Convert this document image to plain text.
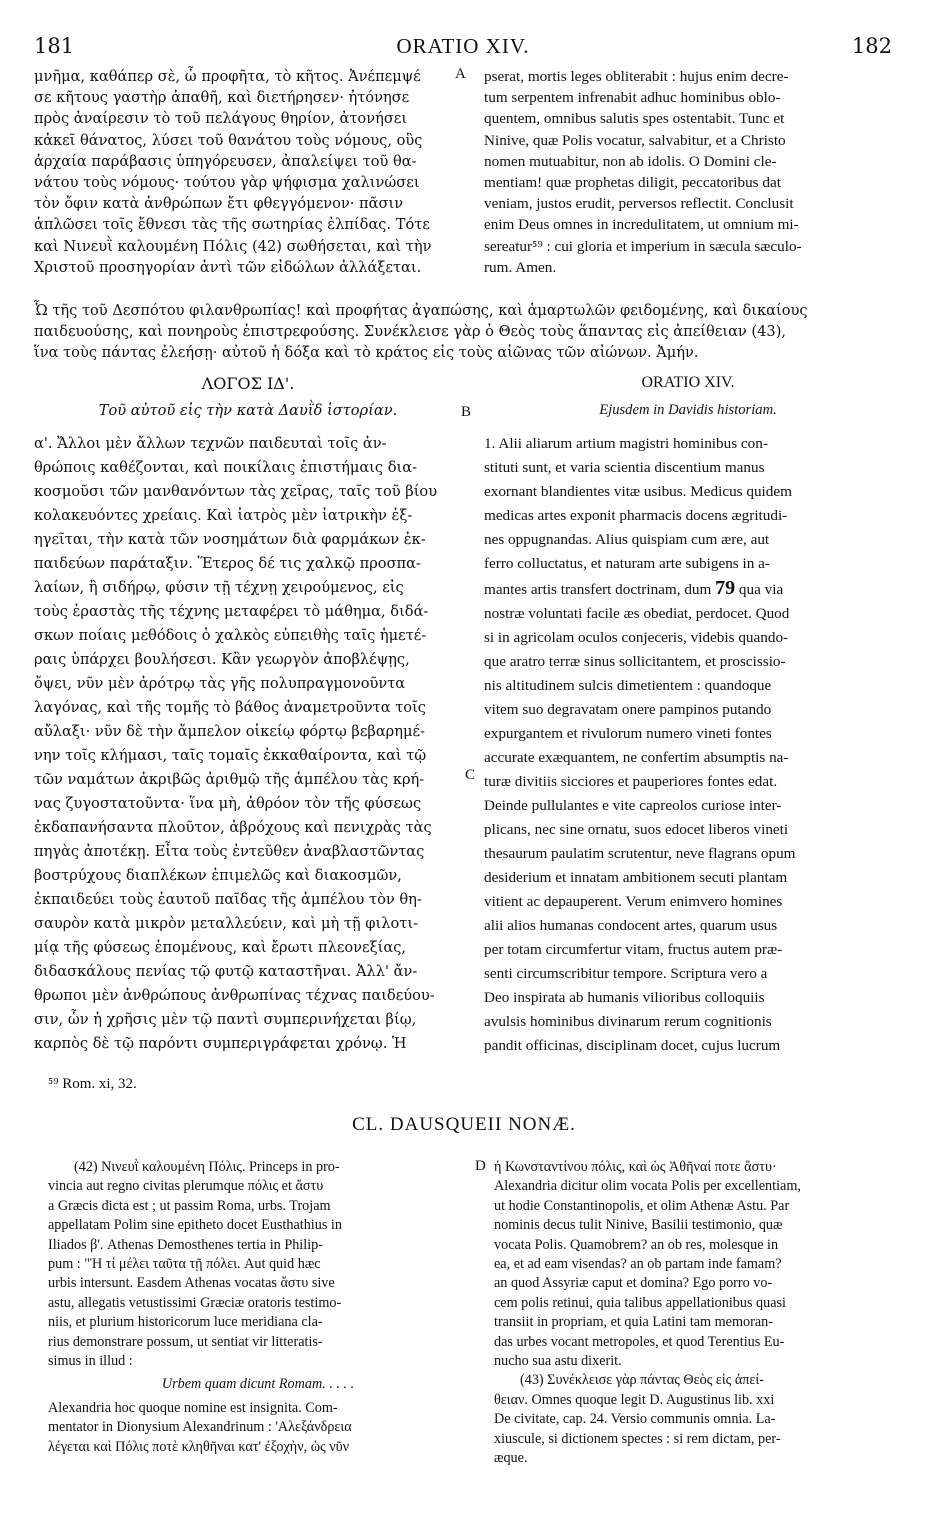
181	ORATIO XIV.	182

μνῆμα, καθάπερ σὲ, ὦ προφῆτα, τὸ κῆτος. Ἀνέπεμψέ

σε κῆτους γαστὴρ ἀπαθῆ, καὶ διετήρησεν· ἠτόνησε

πρὸς ἀναίρεσιν τὸ τοῦ πελάγους θηρίον, ἀτονήσει

κἀκεῖ θάνατος, λύσει τοῦ θανάτου τοὺς νόμους, οὓς

ἀρχαία παράβασις ὑπηγόρευσεν, ἀπαλείψει τοῦ θα-

νάτου τοὺς νόμους· τούτου γὰρ ψήφισμα χαλινώσει

τὸν ὄφιν κατὰ ἀνθρώπων ἔτι φθεγγόμενον· πᾶσιν

ἁπλῶσει τοῖς ἔθνεσι τὰς τῆς σωτηρίας ἐλπίδας. Τότε

καὶ Νινευῒ καλουμένη Πόλις (42) σωθήσεται, καὶ τὴν

Χριστοῦ προσηγορίαν ἀντὶ τῶν εἰδώλων ἀλλάξεται.

A pserat, mortis leges obliterabit : hujus enim decre-

tum serpentem infrenabit adhuc hominibus oblo-

quentem, omnibus salutis spes ostentabit. Tunc et

Ninive, quæ Polis vocatur, salvabitur, et a Christo

nomen mutuabitur, non ab idolis. O Domini cle-

mentiam! quæ prophetas diligit, peccatoribus dat

veniam, justos erudit, perversos reflectit. Conclusit

enim Deus omnes in incredulitatem, ut omnium mi-

sereatur⁵⁹ : cui gloria et imperium in sæcula sæculo-

rum. Amen.

Ὦ τῆς τοῦ Δεσπότου φιλανθρωπίας! καὶ προφήτας ἀγαπώσης, καὶ ἁμαρτωλῶν φειδομένης, καὶ δικαίους

παιδευούσης, καὶ πονηροὺς ἐπιστρεφούσης. Συνέκλεισε γὰρ ὁ Θεὸς τοὺς ἅπαντας εἰς ἀπείθειαν (43),

ἵνα τοὺς πάντας ἐλεήσῃ· αὐτοῦ ἡ δόξα καὶ τὸ κράτος εἰς τοὺς αἰῶνας τῶν αἰώνων. Ἀμήν.

ΛΟΓΟΣ ΙΔ'.

Τοῦ αὐτοῦ εἰς τὴν κατὰ Δαυῒδ ἱστορίαν.	B

ORATIO XIV.

Ejusdem in Davidis historiam.

α'. Ἄλλοι μὲν ἄλλων τεχνῶν παιδευταὶ τοῖς ἀν-

θρώποις καθέζονται, καὶ ποικίλαις ἐπιστήμαις δια-

κοσμοῦσι τῶν μανθανόντων τὰς χεῖρας, ταῖς τοῦ βίου

κολακευόντες χρείαις. Καὶ ἰατρὸς μὲν ἰατρικὴν ἐξ-

ηγεῖται, τὴν κατὰ τῶν νοσημάτων διὰ φαρμάκων ἐκ-

παιδεύων παράταξιν. Ἕτερος δέ τις χαλκῷ προσπα-

λαίων, ἢ σιδήρῳ, φύσιν τῇ τέχνῃ χειρούμενος, εἰς

τοὺς ἐραστὰς τῆς τέχνης μεταφέρει τὸ μάθημα, διδά-

σκων ποίαις μεθόδοις ὁ χαλκὸς εὐπειθὴς ταῖς ἡμετέ-

ραις ὑπάρχει βουλήσεσι. Κἂν γεωργὸν ἀποβλέψῃς,

ὄψει, νῦν μὲν ἀρότρῳ τὰς γῆς πολυπραγμονοῦντα

λαγόνας, καὶ τῆς τομῆς τὸ βάθος ἀναμετροῦντα τοῖς

αὔλαξι· νῦν δὲ τὴν ἄμπελον οἰκείῳ φόρτῳ βεβαρημέ-

νην τοῖς κλήμασι, ταῖς τομαῖς ἐκκαθαίροντα, καὶ τῷ

τῶν ναμάτων ἀκριβῶς ἀριθμῷ τῆς ἀμπέλου τὰς κρή-

νας ζυγοστατοῦντα· ἵνα μὴ, ἀθρόον τὸν τῆς φύσεως

ἐκδαπανήσαντα πλοῦτον, ἀβρόχους καὶ πενιχρὰς τὰς

πηγὰς ἀποτέκῃ. Εἶτα τοὺς ἐντεῦθεν ἀναβλαστῶντας

βοστρύχους διαπλέκων ἐπιμελῶς καὶ διακοσμῶν,

ἐκπαιδεύει τοὺς ἑαυτοῦ παῖδας τῆς ἀμπέλου τὸν θη-

σαυρὸν κατὰ μικρὸν μεταλλεύειν, καὶ μὴ τῇ φιλοτι-

μίᾳ τῆς φύσεως ἑπομένους, καὶ ἔρωτι πλεονεξίας,

διδασκάλους πενίας τῷ φυτῷ καταστῆναι. Ἀλλ' ἄν-

θρωποι μὲν ἀνθρώπους ἀνθρωπίνας τέχνας παιδεύου-

σιν, ὧν ἡ χρῆσις μὲν τῷ παντὶ συμπερινήχεται βίῳ,

καρπὸς δὲ τῷ παρόντι συμπεριγράφεται χρόνῳ. Ἡ

C

1. Alii aliarum artium magistri hominibus con-

stituti sunt, et varia scientia discentium manus

exornant blandientes vitæ usibus. Medicus quidem

medicas artes exponit pharmacis docens ægritudi-

nes oppugnandas. Alius quispiam cum ære, aut

ferro colluctatus, et naturam arte subigens in a-

mantes artis transfert doctrinam, dum 79 qua via

nostræ voluntati facile æs obediat, perdocet. Quod

si in agricolam oculos conjeceris, videbis quando-

que aratro terræ sinus sollicitantem, et proscissio-

nis altitudinem sulcis dimetientem : quandoque

vitem suo degravatam onere pampinos putando

expurgantem et rivulorum numero vineti fontes

accurate exæquantem, ne confertim absumptis na-

turæ divitiis sicciores et pauperiores fontes edat.

Deinde pullulantes e vite capreolos curiose inter-

plicans, nec sine ornatu, suos edocet liberos vineti

thesaurum paulatim scrutentur, neve flagrans opum

desiderium et innatam ambitionem secuti plantam

vitient ac depauperent. Verum enimvero homines

alii alios humanas condocent artes, quarum usus

per totam circumfertur vitam, fructus autem præ-

senti circumscribitur tempore. Scriptura vero a

Deo inspirata ab humanis vilioribus colloquiis

avulsis hominibus divinarum rerum cognitionis

pandit officinas, disciplinam docet, cujus lucrum

⁵⁹ Rom. xi, 32.

CL. DAUSQUEII NONÆ.

(42) Νινευῒ καλουμένη Πόλις. Princeps in pro-

vincia aut regno civitas plerumque πόλις et ἄστυ

a Græcis dicta est ; ut passim Roma, urbs. Trojam

appellatam Polim sine epitheto docet Eusthathius in

Iliados β'. Athenas Demosthenes tertia in Philip-

pum : "Ἡ τί μέλει ταῦτα τῇ πόλει. Aut quid hæc

urbis intersunt. Easdem Athenas vocatas ἄστυ sive

astu, allegatis vetustissimi Græciæ oratoris testimo-

niis, et plurium historicorum luce meridiana cla-

rius demonstrare possum, ut sentiat vir litteratis-

simus in illud :

Urbem quam dicunt Romam. . . . .

Alexandria hoc quoque nomine est insignita. Com-

mentator in Dionysium Alexandrinum : 'Αλεξάνδρεια

λέγεται καὶ Πόλις ποτὲ κληθῆναι κατ' ἐξοχὴν, ὡς νῦν

D ἡ Κωνσταντίνου πόλις, καὶ ὡς Ἀθῆναί ποτε ἄστυ·

Alexandria dicitur olim vocata Polis per excellentiam,

ut hodie Constantinopolis, et olim Athenæ Astu. Par

nominis decus tulit Ninive, Basilii testimonio, quæ

vocata Polis. Quamobrem? an ob res, molesque in

ea, et ad eam visendas? an ob partam inde famam?

an quod Assyriæ caput et domina? Ego porro vo-

cem polis retinui, quia talibus appellationibus quasi

transiit in propriam, et quia Latini tam memoran-

das urbes vocant metropoles, et quod Terentius Eu-

nucho sua astu dixerit.

(43) Συνέκλεισε γὰρ πάντας Θεὸς εἰς ἀπεί-

θειαν. Omnes quoque legit D. Augustinus lib. xxi

De civitate, cap. 24. Versio communis omnia. La-

xiuscule, si dictionem spectes : si rem dictam, per-

æque.
